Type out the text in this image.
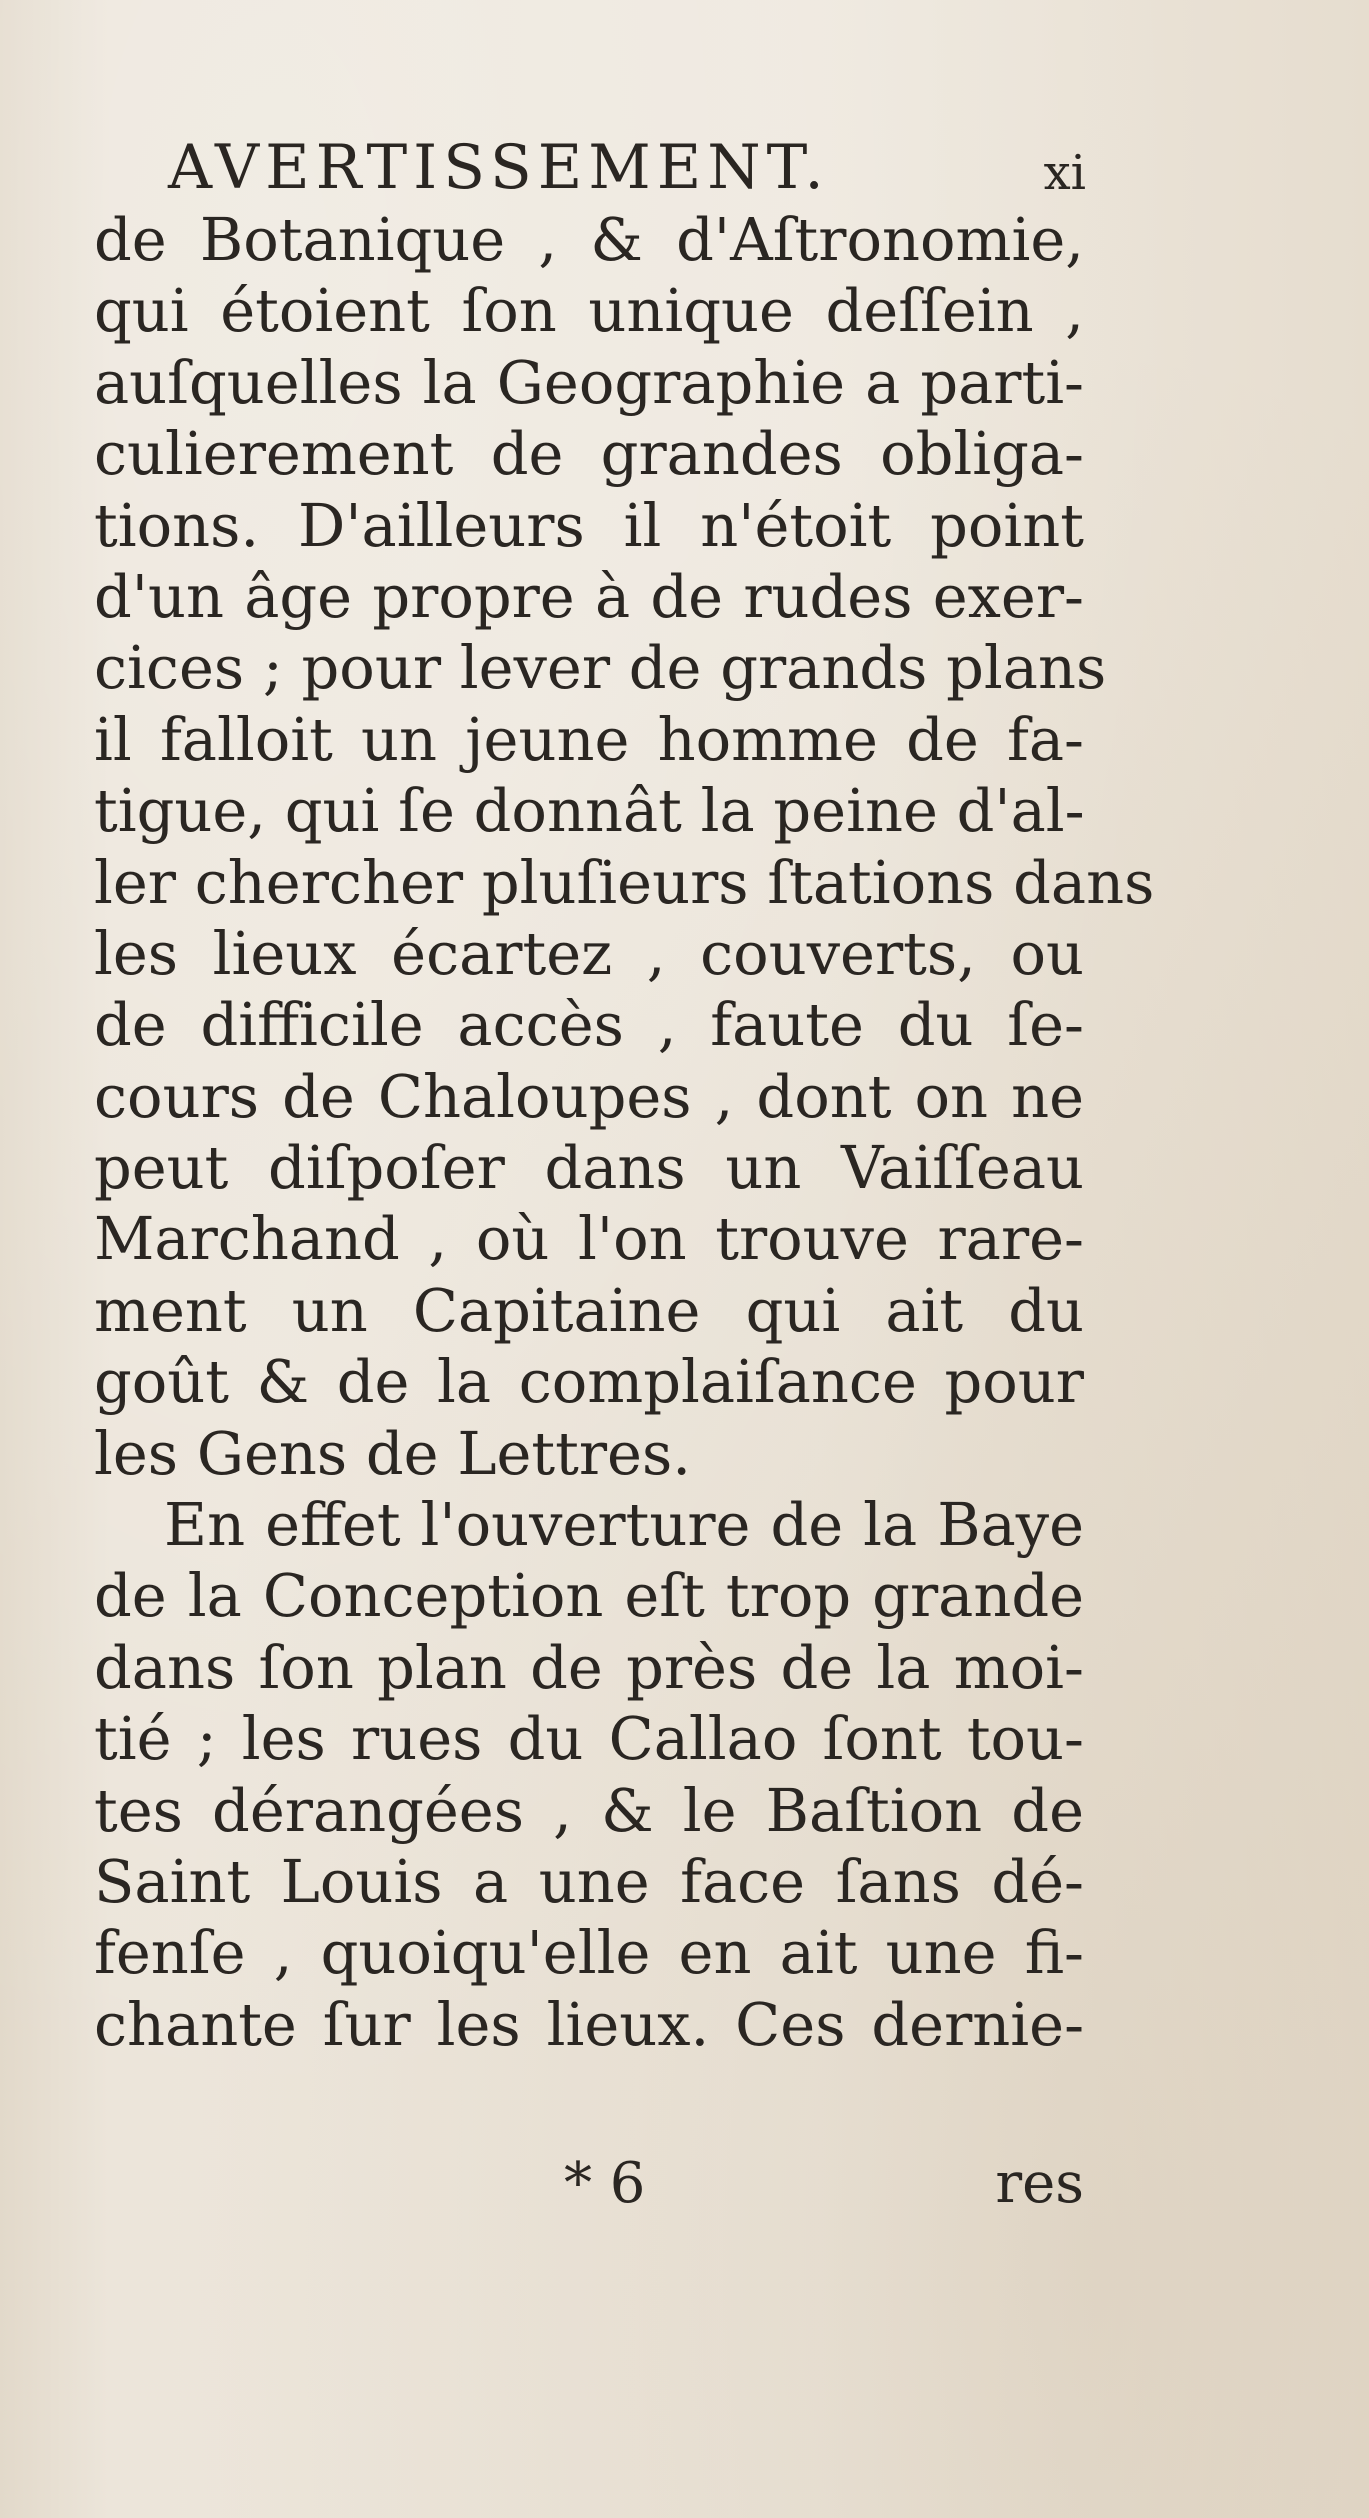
AVERTISSEMENT.	xi
de Botanique , & d'Aſtronomie,
qui étoient ſon unique deſſein ,
auſquelles la Geographie a parti-
culierement de grandes obliga-
tions. D'ailleurs il n'étoit point
d'un âge propre à de rudes exer-
cices ; pour lever de grands plans
il falloit un jeune homme de fa-
tigue, qui ſe donnât la peine d'al-
ler chercher pluſieurs ſtations dans
les lieux écartez , couverts, ou
de difficile accès , faute du ſe-
cours de Chaloupes , dont on ne
peut diſpoſer dans un Vaiſſeau
Marchand , où l'on trouve rare-
ment un Capitaine qui ait du
goût & de la complaiſance pour
les Gens de Lettres.
En effet l'ouverture de la Baye
de la Conception eſt trop grande
dans ſon plan de près de la moi-
tié ; les rues du Callao ſont tou-
tes dérangées , & le Baſtion de
Saint Louis a une face ſans dé-
fenſe , quoiqu'elle en ait une fi-
chante ſur les lieux. Ces dernie-
* 6	res
